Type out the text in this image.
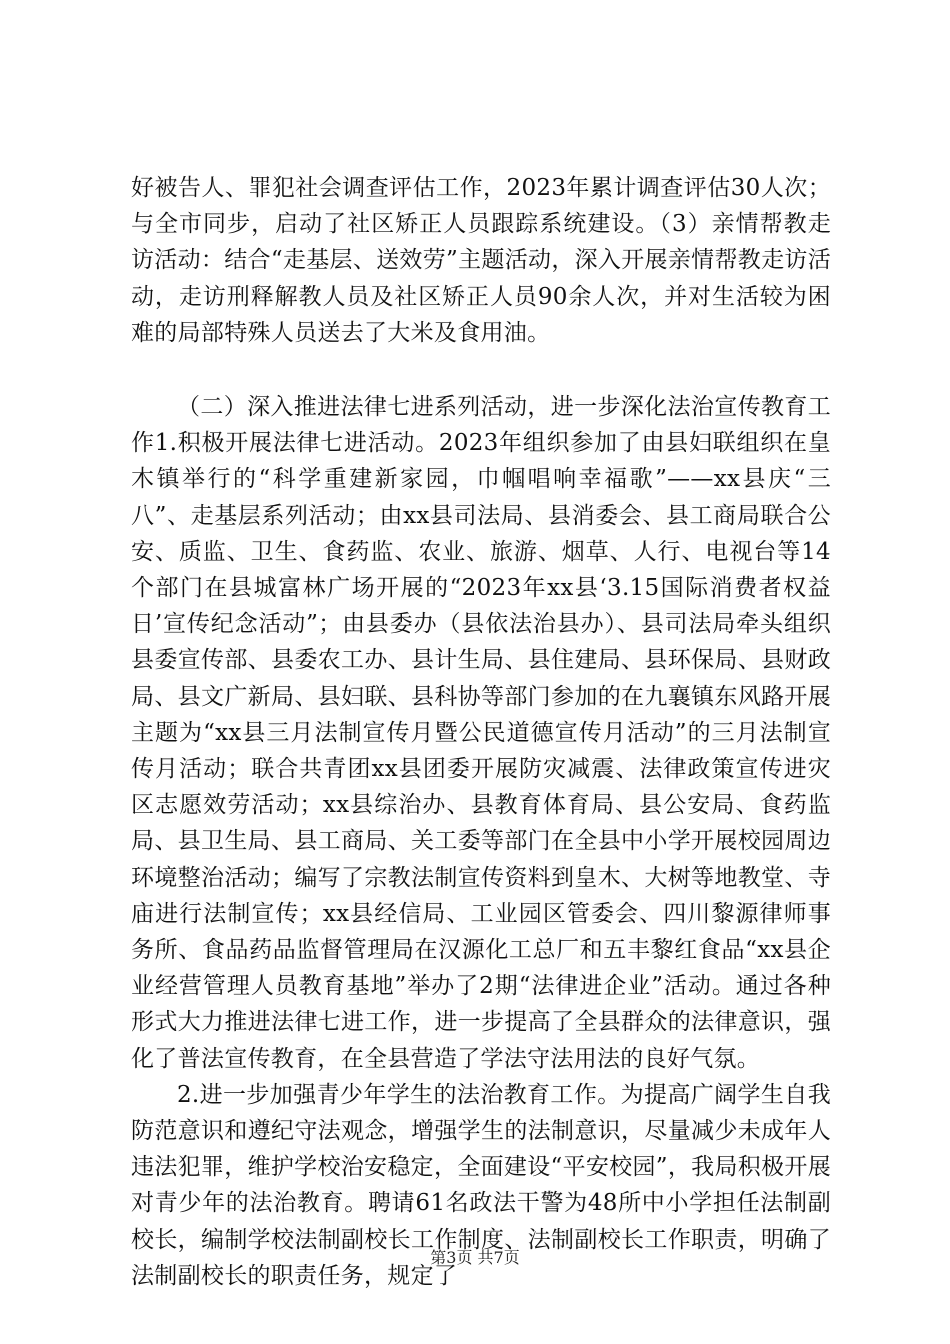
好被告人、罪犯社会调查评估工作，2023年累计调查评估30人次；与全市同步，启动了社区矫正人员跟踪系统建设。（3）亲情帮教走访活动：结合“走基层、送效劳”主题活动，深入开展亲情帮教走访活动，走访刑释解教人员及社区矫正人员90余人次，并对生活较为困难的局部特殊人员送去了大米及食用油。

（二）深入推进法律七进系列活动，进一步深化法治宣传教育工作1.积极开展法律七进活动。2023年组织参加了由县妇联组织在皇木镇举行的“科学重建新家园，巾帼唱响幸福歌”——xx县庆“三八”、走基层系列活动；由xx县司法局、县消委会、县工商局联合公安、质监、卫生、食药监、农业、旅游、烟草、人行、电视台等14个部门在县城富林广场开展的“2023年xx县‘3.15国际消费者权益日’宣传纪念活动”；由县委办（县依法治县办）、县司法局牵头组织县委宣传部、县委农工办、县计生局、县住建局、县环保局、县财政局、县文广新局、县妇联、县科协等部门参加的在九襄镇东风路开展主题为“xx县三月法制宣传月暨公民道德宣传月活动”的三月法制宣传月活动；联合共青团xx县团委开展防灾减震、法律政策宣传进灾区志愿效劳活动；xx县综治办、县教育体育局、县公安局、食药监局、县卫生局、县工商局、关工委等部门在全县中小学开展校园周边环境整治活动；编写了宗教法制宣传资料到皇木、大树等地教堂、寺庙进行法制宣传；xx县经信局、工业园区管委会、四川黎源律师事务所、食品药品监督管理局在汉源化工总厂和五丰黎红食品“xx县企业经营管理人员教育基地”举办了2期“法律进企业”活动。通过各种形式大力推进法律七进工作，进一步提高了全县群众的法律意识，强化了普法宣传教育，在全县营造了学法守法用法的良好气氛。

2.进一步加强青少年学生的法治教育工作。为提高广阔学生自我防范意识和遵纪守法观念，增强学生的法制意识，尽量减少未成年人违法犯罪，维护学校治安稳定，全面建设“平安校园”，我局积极开展对青少年的法治教育。聘请61名政法干警为48所中小学担任法制副校长，编制学校法制副校长工作制度、法制副校长工作职责，明确了法制副校长的职责任务，规定了

第3页 共7页
